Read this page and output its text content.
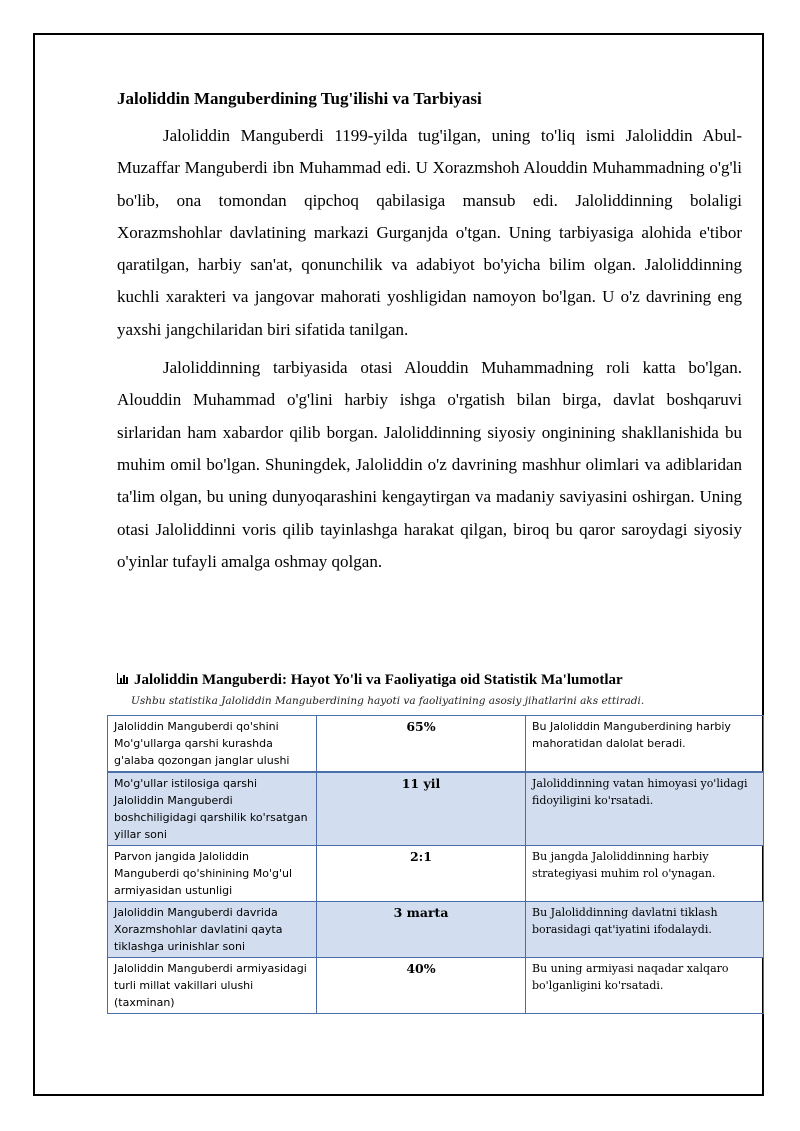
Jaloliddin Manguberdining Tug'ilishi va Tarbiyasi

Jaloliddin Manguberdi 1199-yilda tug'ilgan, uning to'liq ismi Jaloliddin Abul-Muzaffar Manguberdi ibn Muhammad edi. U Xorazmshoh Alouddin Muhammadning o'g'li bo'lib, ona tomondan qipchoq qabilasiga mansub edi. Jaloliddinning bolaligi Xorazmshohlar davlatining markazi Gurganjda o'tgan. Uning tarbiyasiga alohida e'tibor qaratilgan, harbiy san'at, qonunchilik va adabiyot bo'yicha bilim olgan. Jaloliddinning kuchli xarakteri va jangovar mahorati yoshligidan namoyon bo'lgan. U o'z davrining eng yaxshi jangchilaridan biri sifatida tanilgan.

Jaloliddinning tarbiyasida otasi Alouddin Muhammadning roli katta bo'lgan. Alouddin Muhammad o'g'lini harbiy ishga o'rgatish bilan birga, davlat boshqaruvi sirlaridan ham xabardor qilib borgan. Jaloliddinning siyosiy onginining shakllanishida bu muhim omil bo'lgan. Shuningdek, Jaloliddin o'z davrining mashhur olimlari va adiblaridan ta'lim olgan, bu uning dunyoqarashini kengaytirgan va madaniy saviyasini oshirgan. Uning otasi Jaloliddinni voris qilib tayinlashga harakat qilgan, biroq bu qaror saroydagi siyosiy o'yinlar tufayli amalga oshmay qolgan.

Jaloliddin Manguberdi: Hayot Yo'li va Faoliyatiga oid Statistik Ma'lumotlar
Ushbu statistika Jaloliddin Manguberdining hayoti va faoliyatining asosiy jihatlarini aks ettiradi.
Jaloliddin Manguberdi qo'shini Mo'g'ullarga qarshi kurashda g'alaba qozongan janglar ulushi	65%	Bu Jaloliddin Manguberdining harbiy mahoratidan dalolat beradi.
Mo'g'ullar istilosiga qarshi Jaloliddin Manguberdi boshchiligidagi qarshilik ko'rsatgan yillar soni	11 yil	Jaloliddinning vatan himoyasi yo'lidagi fidoyiligini ko'rsatadi.
Parvon jangida Jaloliddin Manguberdi qo'shinining Mo'g'ul armiyasidan ustunligi	2:1	Bu jangda Jaloliddinning harbiy strategiyasi muhim rol o'ynagan.
Jaloliddin Manguberdi davrida Xorazmshohlar davlatini qayta tiklashga urinishlar soni	3 marta	Bu Jaloliddinning davlatni tiklash borasidagi qat'iyatini ifodalaydi.
Jaloliddin Manguberdi armiyasidagi turli millat vakillari ulushi (taxminan)	40%	Bu uning armiyasi naqadar xalqaro bo'lganligini ko'rsatadi.
